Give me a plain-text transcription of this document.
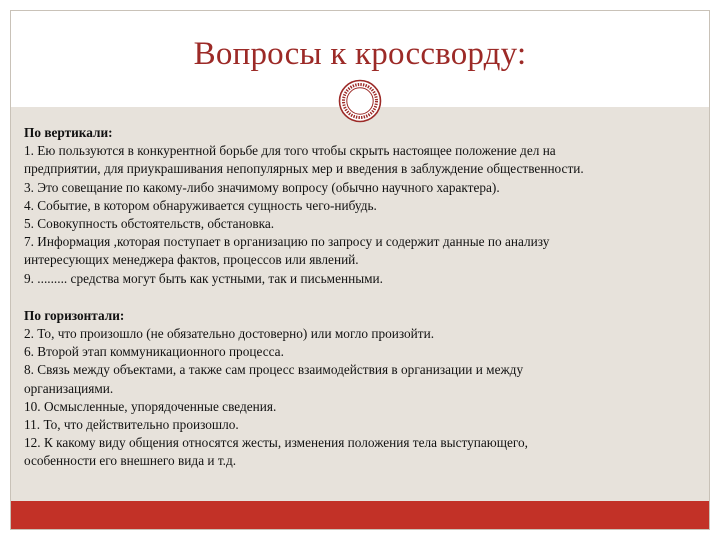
Вопросы к кроссворду:
По вертикали:
1. Ею пользуются в конкурентной борьбе для того чтобы скрыть настоящее положение дел на
предприятии, для приукрашивания непопулярных мер и введения в заблуждение общественности.
3. Это совещание по какому-либо значимому вопросу (обычно научного характера).
4. Событие, в котором обнаруживается сущность чего-нибудь.
5. Совокупность обстоятельств, обстановка.
7. Информация ,которая поступает в организацию по запросу и содержит данные по анализу
интересующих менеджера фактов, процессов или явлений.
9. ......... средства могут быть как устными, так и письменными.
По горизонтали:
2. То, что произошло (не обязательно достоверно) или могло произойти.
6. Второй этап коммуникационного процесса.
8. Связь между объектами, а также сам процесс взаимодействия в организации и между
организациями.
10. Осмысленные, упорядоченные сведения.
11. То, что действительно произошло.
12. К какому виду общения относятся жесты, изменения положения тела выступающего,
особенности его внешнего вида и т.д.
